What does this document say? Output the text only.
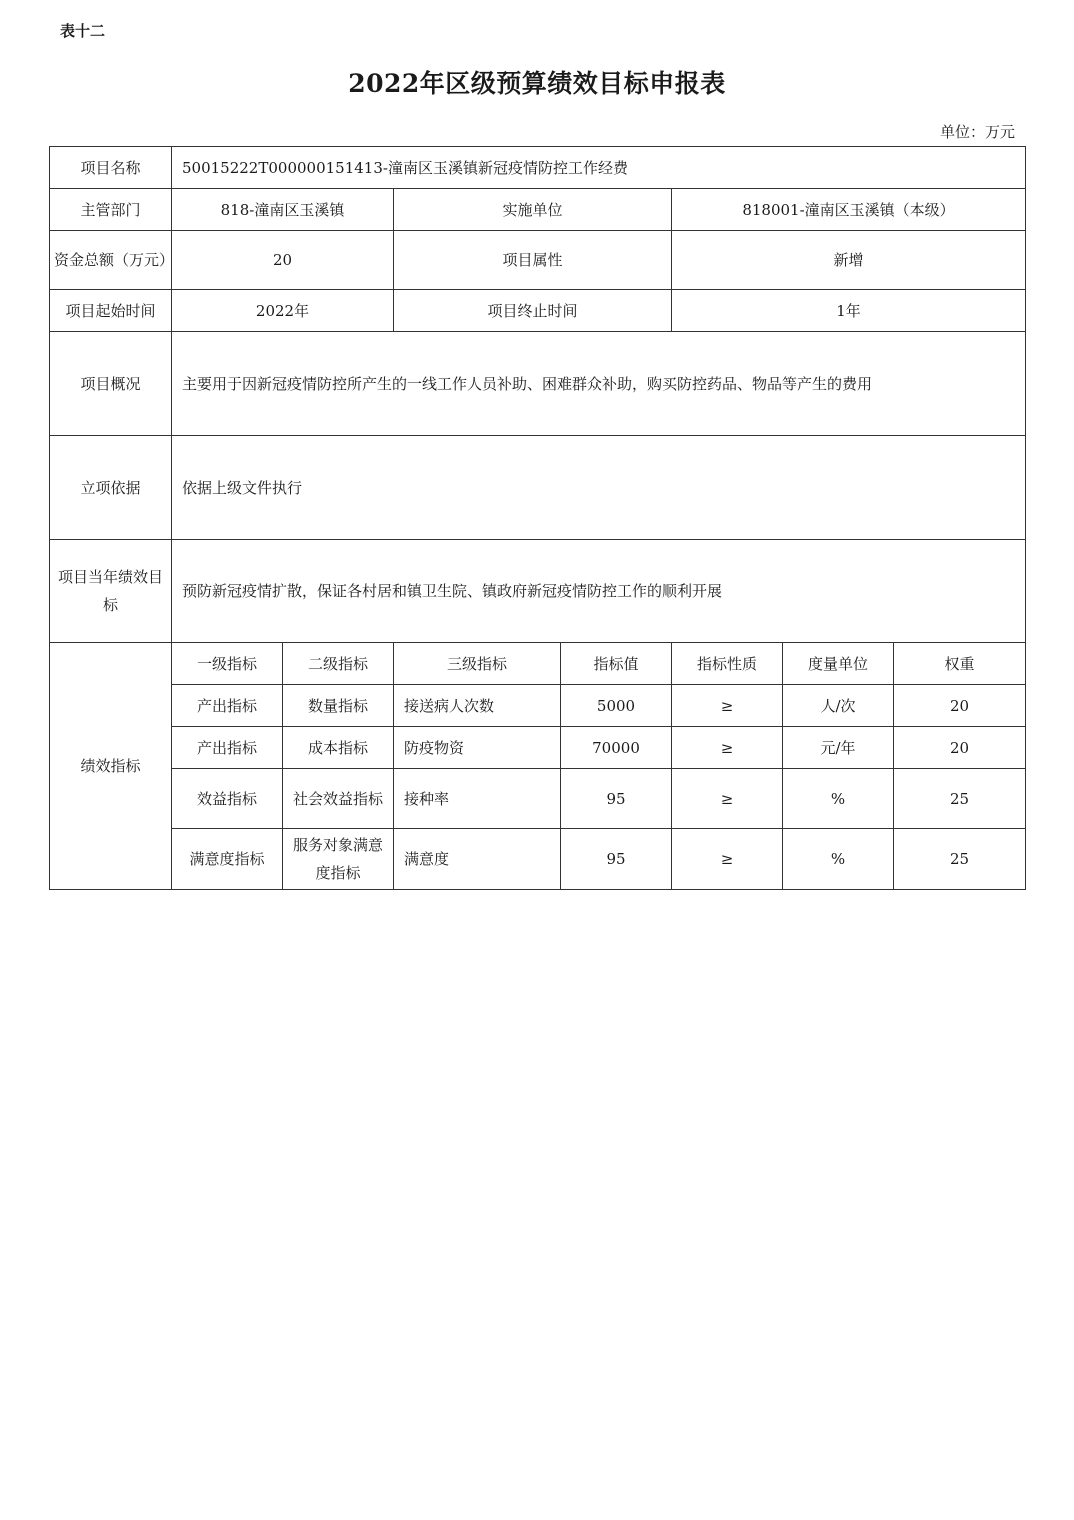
表十二
2022年区级预算绩效目标申报表
单位：万元
项目名称	50015222T000000151413-潼南区玉溪镇新冠疫情防控工作经费						
主管部门	818-潼南区玉溪镇		实施单位		818001-潼南区玉溪镇（本级）		
资金总额（万元）	20		项目属性		新增		
项目起始时间	2022年		项目终止时间		1年		
项目概况	主要用于因新冠疫情防控所产生的一线工作人员补助、困难群众补助，购买防控药品、物品等产生的费用						
立项依据	依据上级文件执行						
项目当年绩效目标	预防新冠疫情扩散，保证各村居和镇卫生院、镇政府新冠疫情防控工作的顺利开展						
绩效指标	一级指标	二级指标	三级指标	指标值	指标性质	度量单位	权重
	产出指标	数量指标	接送病人次数	5000	≥	人/次	20
	产出指标	成本指标	防疫物资	70000	≥	元/年	20
	效益指标	社会效益指标	接种率	95	≥	%	25
	满意度指标	服务对象满意度指标	满意度	95	≥	%	25
